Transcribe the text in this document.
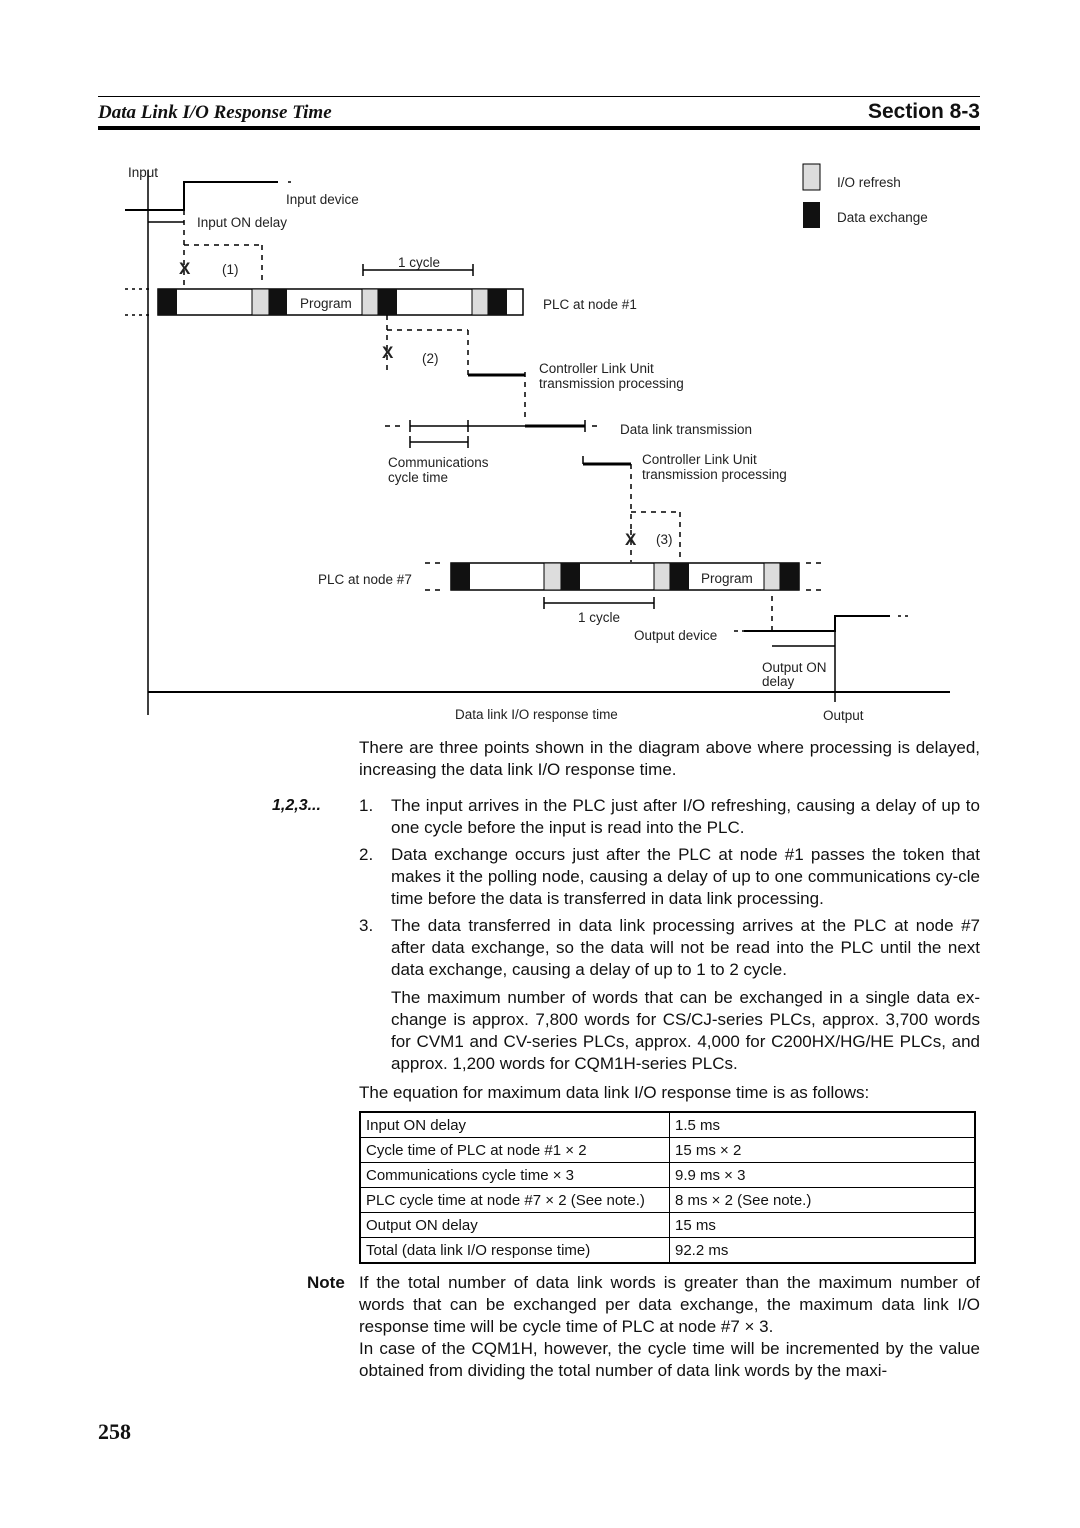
Data Link I/O Response Time	Section 8-3
X
X
X
Input
Input device
Input ON delay
(1)	1 cycle
Program	PLC at node #1
I/O refresh
Data exchange
(2)
Controller Link Unit
transmission processing
Data link transmission
Communications
cycle time
Controller Link Unit
transmission processing
(3)
PLC at node #7	Program
1 cycle
Output device
Output ON
delay
Data link I/O response time	Output
There are three points shown in the diagram above where processing is delayed, increasing the data link I/O response time.
1,2,3... 1.	The input arrives in the PLC just after I/O refreshing, causing a delay of up to one cycle before the input is read into the PLC.
2.	Data exchange occurs just after the PLC at node #1 passes the token that makes it the polling node, causing a delay of up to one communications cy-cle time before the data is transferred in data link processing.
3.	The data transferred in data link processing arrives at the PLC at node #7 after data exchange, so the data will not be read into the PLC until the next data exchange, causing a delay of up to 1 to 2 cycle.
The maximum number of words that can be exchanged in a single data ex-change is approx. 7,800 words for CS/CJ-series PLCs, approx. 3,700 words for CVM1 and CV-series PLCs, approx. 4,000 for C200HX/HG/HE PLCs, and approx. 1,200 words for CQM1H-series PLCs.
The equation for maximum data link I/O response time is as follows:
Input ON delay	1.5 ms
Cycle time of PLC at node #1 × 2	15 ms × 2
Communications cycle time × 3	9.9 ms × 3
PLC cycle time at node #7 × 2 (See note.)	8 ms × 2 (See note.)
Output ON delay	15 ms
Total (data link I/O response time)	92.2 ms
Note If the total number of data link words is greater than the maximum number of words that can be exchanged per data exchange, the maximum data link I/O response time will be cycle time of PLC at node #7 × 3.
In case of the CQM1H, however, the cycle time will be incremented by the value obtained from dividing the total number of data link words by the maxi-
258
